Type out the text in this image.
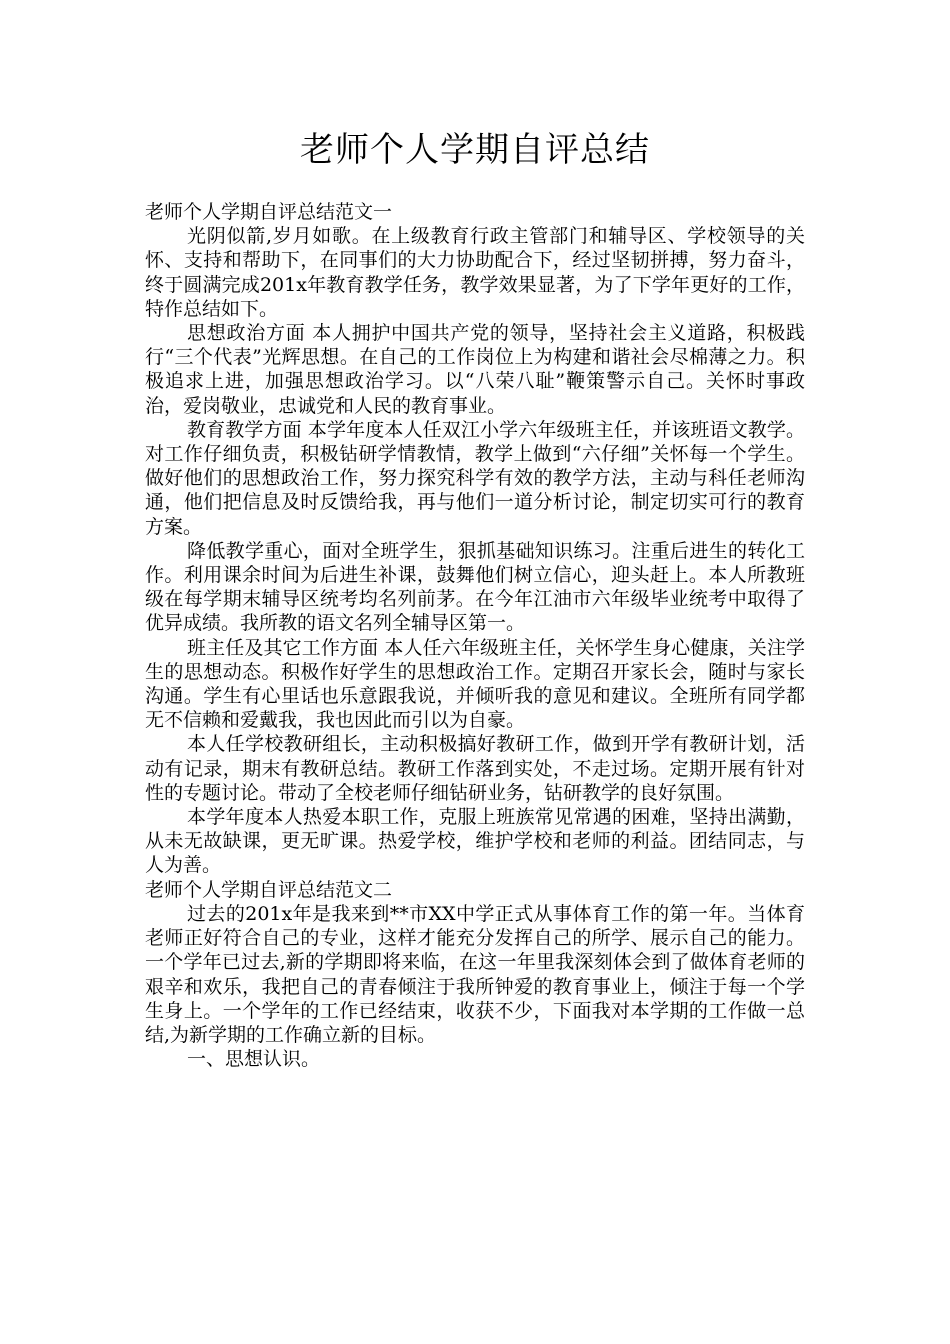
老师个人学期自评总结

老师个人学期自评总结范文一

光阴似箭,岁月如歌。在上级教育行政主管部门和辅导区、学校领导的关怀、支持和帮助下，在同事们的大力协助配合下，经过坚韧拼搏，努力奋斗，终于圆满完成201x年教育教学任务，教学效果显著，为了下学年更好的工作，特作总结如下。

思想政治方面 本人拥护中国共产党的领导，坚持社会主义道路，积极践行“三个代表”光辉思想。在自己的工作岗位上为构建和谐社会尽棉薄之力。积极追求上进，加强思想政治学习。以“八荣八耻”鞭策警示自己。关怀时事政治，爱岗敬业，忠诚党和人民的教育事业。

教育教学方面 本学年度本人任双江小学六年级班主任，并该班语文教学。对工作仔细负责，积极钻研学情教情，教学上做到“六仔细”关怀每一个学生。做好他们的思想政治工作，努力探究科学有效的教学方法，主动与科任老师沟通，他们把信息及时反馈给我，再与他们一道分析讨论，制定切实可行的教育方案。

降低教学重心，面对全班学生，狠抓基础知识练习。注重后进生的转化工作。利用课余时间为后进生补课，鼓舞他们树立信心，迎头赶上。本人所教班级在每学期末辅导区统考均名列前茅。在今年江油市六年级毕业统考中取得了优异成绩。我所教的语文名列全辅导区第一。

班主任及其它工作方面 本人任六年级班主任，关怀学生身心健康，关注学生的思想动态。积极作好学生的思想政治工作。定期召开家长会，随时与家长沟通。学生有心里话也乐意跟我说，并倾听我的意见和建议。全班所有同学都无不信赖和爱戴我，我也因此而引以为自豪。

本人任学校教研组长，主动积极搞好教研工作，做到开学有教研计划，活动有记录，期末有教研总结。教研工作落到实处，不走过场。定期开展有针对性的专题讨论。带动了全校老师仔细钻研业务，钻研教学的良好氛围。

本学年度本人热爱本职工作，克服上班族常见常遇的困难，坚持出满勤，从未无故缺课，更无旷课。热爱学校，维护学校和老师的利益。团结同志，与人为善。

老师个人学期自评总结范文二

过去的201x年是我来到**市XX中学正式从事体育工作的第一年。当体育老师正好符合自己的专业，这样才能充分发挥自己的所学、展示自己的能力。一个学年已过去,新的学期即将来临，在这一年里我深刻体会到了做体育老师的艰辛和欢乐，我把自己的青春倾注于我所钟爱的教育事业上，倾注于每一个学生身上。一个学年的工作已经结束，收获不少，下面我对本学期的工作做一总结,为新学期的工作确立新的目标。

一、思想认识。
